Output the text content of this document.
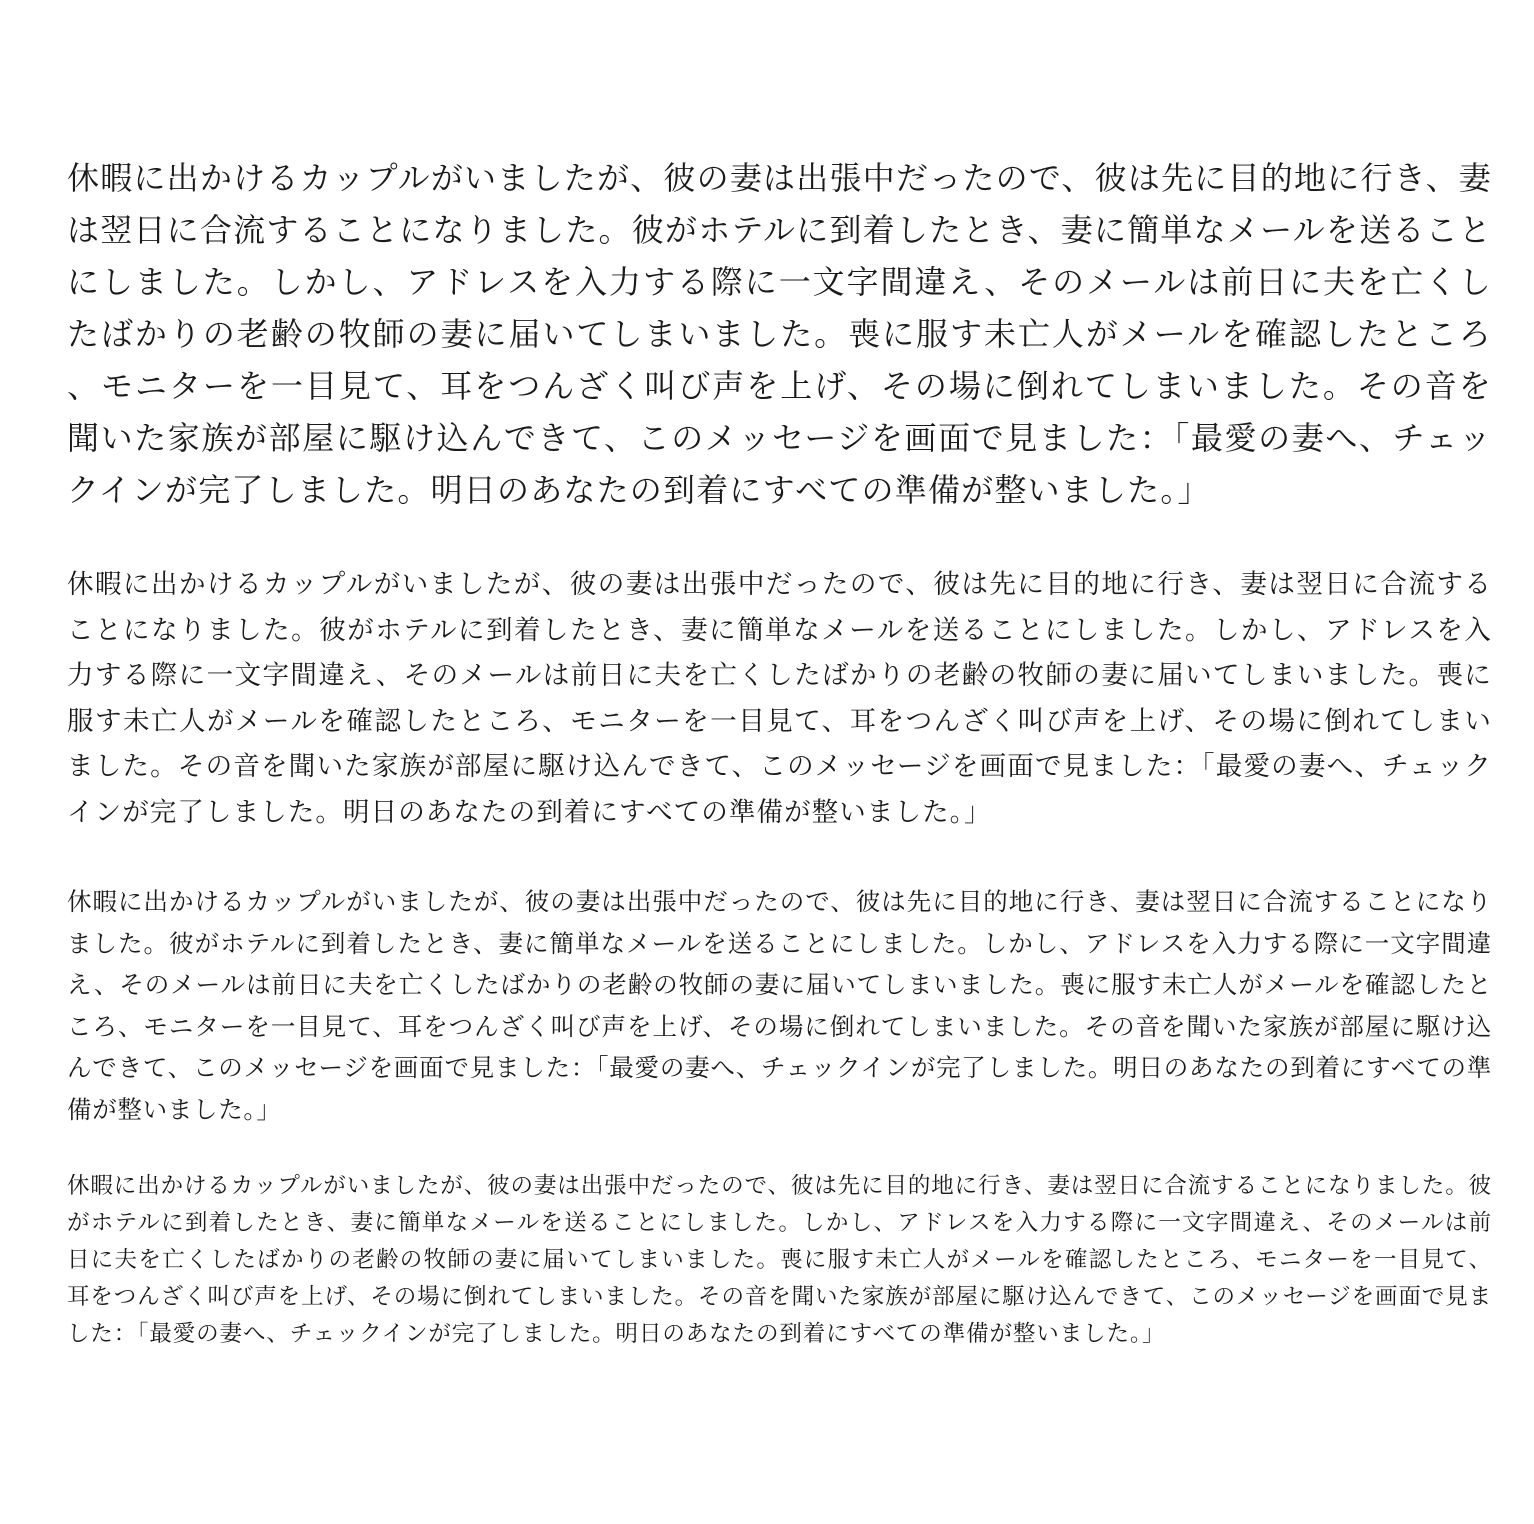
休暇に出かけるカップルがいましたが、彼の妻は出張中だったので、彼は先に目的地に行き、妻は翌日に合流することになりました。彼がホテルに到着したとき、妻に簡単なメールを送ることにしました。しかし、アドレスを入力する際に一文字間違え、そのメールは前日に夫を亡くしたばかりの老齢の牧師の妻に届いてしまいました。喪に服す未亡人がメールを確認したところ、モニターを一目見て、耳をつんざく叫び声を上げ、その場に倒れてしまいました。その音を聞いた家族が部屋に駆け込んできて、このメッセージを画面で見ました：「最愛の妻へ、チェックインが完了しました。明日のあなたの到着にすべての準備が整いました。」

休暇に出かけるカップルがいましたが、彼の妻は出張中だったので、彼は先に目的地に行き、妻は翌日に合流することになりました。彼がホテルに到着したとき、妻に簡単なメールを送ることにしました。しかし、アドレスを入力する際に一文字間違え、そのメールは前日に夫を亡くしたばかりの老齢の牧師の妻に届いてしまいました。喪に服す未亡人がメールを確認したところ、モニターを一目見て、耳をつんざく叫び声を上げ、その場に倒れてしまいました。その音を聞いた家族が部屋に駆け込んできて、このメッセージを画面で見ました：「最愛の妻へ、チェックインが完了しました。明日のあなたの到着にすべての準備が整いました。」

休暇に出かけるカップルがいましたが、彼の妻は出張中だったので、彼は先に目的地に行き、妻は翌日に合流することになりました。彼がホテルに到着したとき、妻に簡単なメールを送ることにしました。しかし、アドレスを入力する際に一文字間違え、そのメールは前日に夫を亡くしたばかりの老齢の牧師の妻に届いてしまいました。喪に服す未亡人がメールを確認したところ、モニターを一目見て、耳をつんざく叫び声を上げ、その場に倒れてしまいました。その音を聞いた家族が部屋に駆け込んできて、このメッセージを画面で見ました：「最愛の妻へ、チェックインが完了しました。明日のあなたの到着にすべての準備が整いました。」

休暇に出かけるカップルがいましたが、彼の妻は出張中だったので、彼は先に目的地に行き、妻は翌日に合流することになりました。彼がホテルに到着したとき、妻に簡単なメールを送ることにしました。しかし、アドレスを入力する際に一文字間違え、そのメールは前日に夫を亡くしたばかりの老齢の牧師の妻に届いてしまいました。喪に服す未亡人がメールを確認したところ、モニターを一目見て、耳をつんざく叫び声を上げ、その場に倒れてしまいました。その音を聞いた家族が部屋に駆け込んできて、このメッセージを画面で見ました：「最愛の妻へ、チェックインが完了しました。明日のあなたの到着にすべての準備が整いました。」
